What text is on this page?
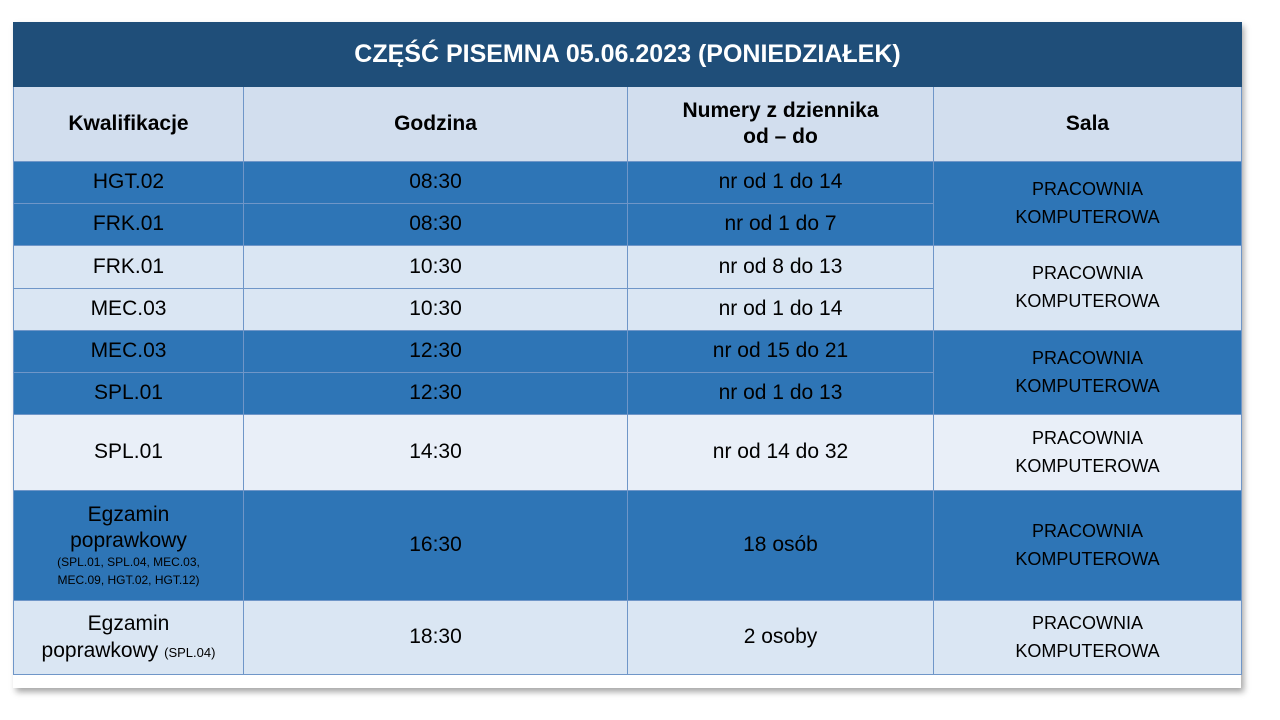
CZĘŚĆ PISEMNA 05.06.2023 (PONIEDZIAŁEK)			
Kwalifikacje	Godzina	Numery z dziennika
od – do	Sala
HGT.02	08:30	nr od 1 do 14	PRACOWNIA
KOMPUTEROWA
FRK.01	08:30	nr od 1 do 7	
FRK.01	10:30	nr od 8 do 13	PRACOWNIA
KOMPUTEROWA
MEC.03	10:30	nr od 1 do 14	
MEC.03	12:30	nr od 15 do 21	PRACOWNIA
KOMPUTEROWA
SPL.01	12:30	nr od 1 do 13	
SPL.01	14:30	nr od 14 do 32	PRACOWNIA
KOMPUTEROWA
Egzamin
poprawkowy
(SPL.01, SPL.04, MEC.03,
MEC.09, HGT.02, HGT.12)	16:30	18 osób	PRACOWNIA
KOMPUTEROWA
Egzamin
poprawkowy (SPL.04)	18:30	2 osoby	PRACOWNIA
KOMPUTEROWA
